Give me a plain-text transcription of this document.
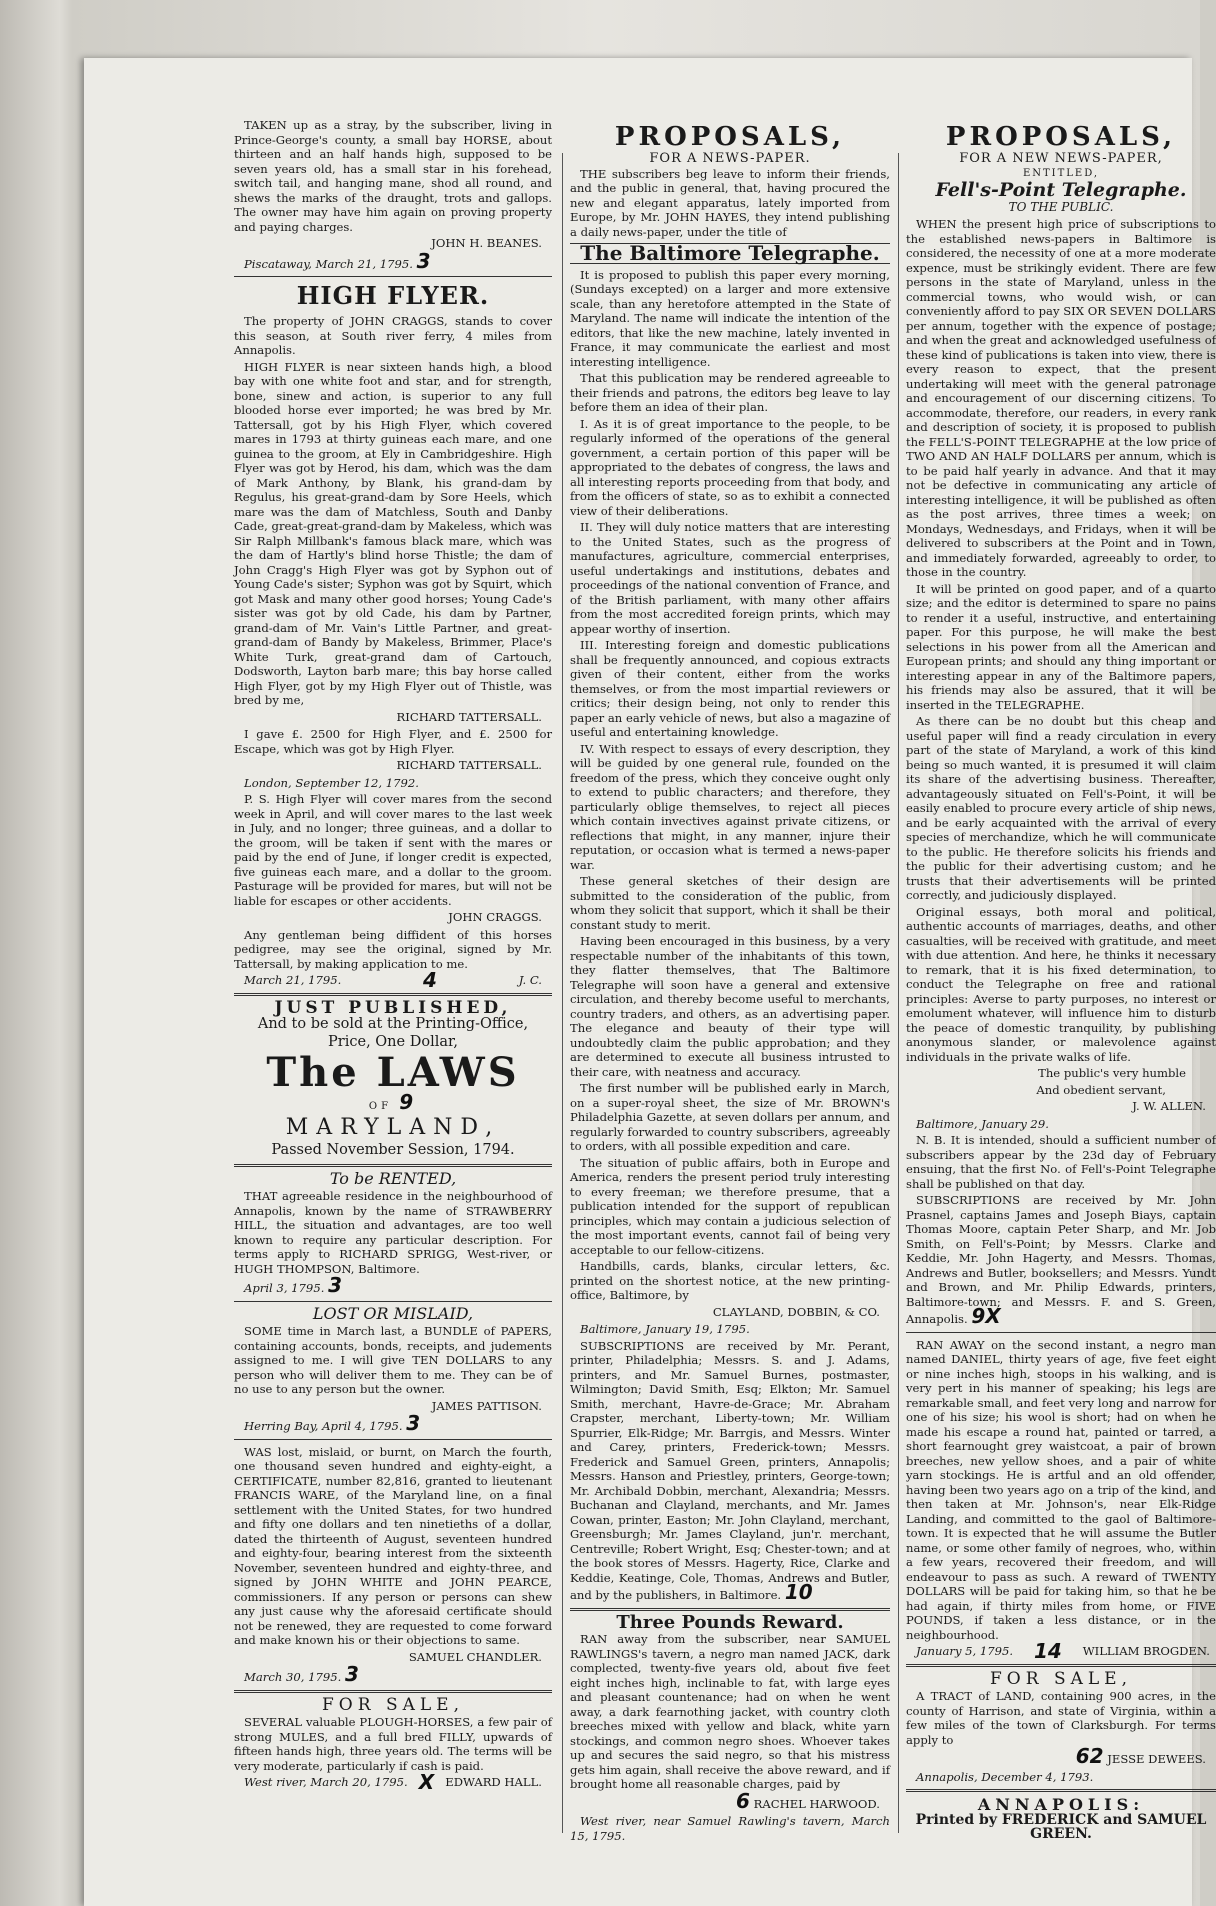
TAKEN up as a stray, by the subscriber, living in Prince-George's county, a small bay HORSE, about thirteen and an half hands high, supposed to be seven years old, has a small star in his forehead, switch tail, and hanging mane, shod all round, and shews the marks of the draught, trots and gallops. The owner may have him again on proving property and paying charges.

JOHN H. BEANES.
Piscataway, March 21, 1795. 3
HIGH FLYER.

The property of JOHN CRAGGS, stands to cover this season, at South river ferry, 4 miles from Annapolis.

HIGH FLYER is near sixteen hands high, a blood bay with one white foot and star, and for strength, bone, sinew and action, is superior to any full blooded horse ever imported; he was bred by Mr. Tattersall, got by his High Flyer, which covered mares in 1793 at thirty guineas each mare, and one guinea to the groom, at Ely in Cambridgeshire. High Flyer was got by Herod, his dam, which was the dam of Mark Anthony, by Blank, his grand-dam by Regulus, his great-grand-dam by Sore Heels, which mare was the dam of Matchless, South and Danby Cade, great-great-grand-dam by Makeless, which was Sir Ralph Millbank's famous black mare, which was the dam of Hartly's blind horse Thistle; the dam of John Cragg's High Flyer was got by Syphon out of Young Cade's sister; Syphon was got by Squirt, which got Mask and many other good horses; Young Cade's sister was got by old Cade, his dam by Partner, grand-dam of Mr. Vain's Little Partner, and great-grand-dam of Bandy by Makeless, Brimmer, Place's White Turk, great-grand dam of Cartouch, Dodsworth, Layton barb mare; this bay horse called High Flyer, got by my High Flyer out of Thistle, was bred by me,

RICHARD TATTERSALL.

I gave £. 2500 for High Flyer, and £. 2500 for Escape, which was got by High Flyer.

RICHARD TATTERSALL.
London, September 12, 1792.

P. S. High Flyer will cover mares from the second week in April, and will cover mares to the last week in July, and no longer; three guineas, and a dollar to the groom, will be taken if sent with the mares or paid by the end of June, if longer credit is expected, five guineas each mare, and a dollar to the groom. Pasturage will be provided for mares, but will not be liable for escapes or other accidents.

JOHN CRAGGS.

Any gentleman being diffident of this horses pedigree, may see the original, signed by Mr. Tattersall, by making application to me.

March 21, 1795.	4	J. C.
JUST PUBLISHED,
And to be sold at the Printing-Office,
Price, One Dollar,
The LAWS
OF 9
MARYLAND,
Passed November Session, 1794.
To be RENTED,

THAT agreeable residence in the neighbourhood of Annapolis, known by the name of STRAWBERRY HILL, the situation and advantages, are too well known to require any particular description. For terms apply to RICHARD SPRIGG, West-river, or HUGH THOMPSON, Baltimore.

April 3, 1795. 3
LOST OR MISLAID,

SOME time in March last, a BUNDLE of PAPERS, containing accounts, bonds, receipts, and judements assigned to me. I will give TEN DOLLARS to any person who will deliver them to me. They can be of no use to any person but the owner.

JAMES PATTISON.
Herring Bay, April 4, 1795. 3

WAS lost, mislaid, or burnt, on March the fourth, one thousand seven hundred and eighty-eight, a CERTIFICATE, number 82,816, granted to lieutenant FRANCIS WARE, of the Maryland line, on a final settlement with the United States, for two hundred and fifty one dollars and ten ninetieths of a dollar, dated the thirteenth of August, seventeen hundred and eighty-four, bearing interest from the sixteenth November, seventeen hundred and eighty-three, and signed by JOHN WHITE and JOHN PEARCE, commissioners. If any person or persons can shew any just cause why the aforesaid certificate should not be renewed, they are requested to come forward and make known his or their objections to same.

SAMUEL CHANDLER.
March 30, 1795. 3
FOR SALE,

SEVERAL valuable PLOUGH-HORSES, a few pair of strong MULES, and a full bred FILLY, upwards of fifteen hands high, three years old. The terms will be very moderate, particularly if cash is paid.

West river, March 20, 1795. X EDWARD HALL.
PROPOSALS,
FOR A NEWS-PAPER.

THE subscribers beg leave to inform their friends, and the public in general, that, having procured the new and elegant apparatus, lately imported from Europe, by Mr. JOHN HAYES, they intend publishing a daily news-paper, under the title of

The Baltimore Telegraphe.

It is proposed to publish this paper every morning, (Sundays excepted) on a larger and more extensive scale, than any heretofore attempted in the State of Maryland. The name will indicate the intention of the editors, that like the new machine, lately invented in France, it may communicate the earliest and most interesting intelligence.

That this publication may be rendered agreeable to their friends and patrons, the editors beg leave to lay before them an idea of their plan.

I. As it is of great importance to the people, to be regularly informed of the operations of the general government, a certain portion of this paper will be appropriated to the debates of congress, the laws and all interesting reports proceeding from that body, and from the officers of state, so as to exhibit a connected view of their deliberations.

II. They will duly notice matters that are interesting to the United States, such as the progress of manufactures, agriculture, commercial enterprises, useful undertakings and institutions, debates and proceedings of the national convention of France, and of the British parliament, with many other affairs from the most accredited foreign prints, which may appear worthy of insertion.

III. Interesting foreign and domestic publications shall be frequently announced, and copious extracts given of their content, either from the works themselves, or from the most impartial reviewers or critics; their design being, not only to render this paper an early vehicle of news, but also a magazine of useful and entertaining knowledge.

IV. With respect to essays of every description, they will be guided by one general rule, founded on the freedom of the press, which they conceive ought only to extend to public characters; and therefore, they particularly oblige themselves, to reject all pieces which contain invectives against private citizens, or reflections that might, in any manner, injure their reputation, or occasion what is termed a news-paper war.

These general sketches of their design are submitted to the consideration of the public, from whom they solicit that support, which it shall be their constant study to merit.

Having been encouraged in this business, by a very respectable number of the inhabitants of this town, they flatter themselves, that The Baltimore Telegraphe will soon have a general and extensive circulation, and thereby become useful to merchants, country traders, and others, as an advertising paper. The elegance and beauty of their type will undoubtedly claim the public approbation; and they are determined to execute all business intrusted to their care, with neatness and accuracy.

The first number will be published early in March, on a super-royal sheet, the size of Mr. BROWN's Philadelphia Gazette, at seven dollars per annum, and regularly forwarded to country subscribers, agreeably to orders, with all possible expedition and care.

The situation of public affairs, both in Europe and America, renders the present period truly interesting to every freeman; we therefore presume, that a publication intended for the support of republican principles, which may contain a judicious selection of the most important events, cannot fail of being very acceptable to our fellow-citizens.

Handbills, cards, blanks, circular letters, &c. printed on the shortest notice, at the new printing-office, Baltimore, by

CLAYLAND, DOBBIN, & CO.
Baltimore, January 19, 1795.

SUBSCRIPTIONS are received by Mr. Perant, printer, Philadelphia; Messrs. S. and J. Adams, printers, and Mr. Samuel Burnes, postmaster, Wilmington; David Smith, Esq; Elkton; Mr. Samuel Smith, merchant, Havre-de-Grace; Mr. Abraham Crapster, merchant, Liberty-town; Mr. William Spurrier, Elk-Ridge; Mr. Barrgis, and Messrs. Winter and Carey, printers, Frederick-town; Messrs. Frederick and Samuel Green, printers, Annapolis; Messrs. Hanson and Priestley, printers, George-town; Mr. Archibald Dobbin, merchant, Alexandria; Messrs. Buchanan and Clayland, merchants, and Mr. James Cowan, printer, Easton; Mr. John Clayland, merchant, Greensburgh; Mr. James Clayland, jun'r. merchant, Centreville; Robert Wright, Esq; Chester-town; and at the book stores of Messrs. Hagerty, Rice, Clarke and Keddie, Keatinge, Cole, Thomas, Andrews and Butler, and by the publishers, in Baltimore. 10

Three Pounds Reward.

RAN away from the subscriber, near SAMUEL RAWLINGS's tavern, a negro man named JACK, dark complected, twenty-five years old, about five feet eight inches high, inclinable to fat, with large eyes and pleasant countenance; had on when he went away, a dark fearnothing jacket, with country cloth breeches mixed with yellow and black, white yarn stockings, and common negro shoes. Whoever takes up and secures the said negro, so that his mistress gets him again, shall receive the above reward, and if brought home all reasonable charges, paid by

6 RACHEL HARWOOD.
West river, near Samuel Rawling's tavern, March 15, 1795.
PROPOSALS,
FOR A NEW NEWS-PAPER,
ENTITLED,
Fell's-Point Telegraphe.
TO THE PUBLIC.

WHEN the present high price of subscriptions to the established news-papers in Baltimore is considered, the necessity of one at a more moderate expence, must be strikingly evident. There are few persons in the state of Maryland, unless in the commercial towns, who would wish, or can conveniently afford to pay SIX OR SEVEN DOLLARS per annum, together with the expence of postage; and when the great and acknowledged usefulness of these kind of publications is taken into view, there is every reason to expect, that the present undertaking will meet with the general patronage and encouragement of our discerning citizens. To accommodate, therefore, our readers, in every rank and description of society, it is proposed to publish the FELL'S-POINT TELEGRAPHE at the low price of TWO AND AN HALF DOLLARS per annum, which is to be paid half yearly in advance. And that it may not be defective in communicating any article of interesting intelligence, it will be published as often as the post arrives, three times a week; on Mondays, Wednesdays, and Fridays, when it will be delivered to subscribers at the Point and in Town, and immediately forwarded, agreeably to order, to those in the country.

It will be printed on good paper, and of a quarto size; and the editor is determined to spare no pains to render it a useful, instructive, and entertaining paper. For this purpose, he will make the best selections in his power from all the American and European prints; and should any thing important or interesting appear in any of the Baltimore papers, his friends may also be assured, that it will be inserted in the TELEGRAPHE.

As there can be no doubt but this cheap and useful paper will find a ready circulation in every part of the state of Maryland, a work of this kind being so much wanted, it is presumed it will claim its share of the advertising business. Thereafter, advantageously situated on Fell's-Point, it will be easily enabled to procure every article of ship news, and be early acquainted with the arrival of every species of merchandize, which he will communicate to the public. He therefore solicits his friends and the public for their advertising custom; and he trusts that their advertisements will be printed correctly, and judiciously displayed.

Original essays, both moral and political, authentic accounts of marriages, deaths, and other casualties, will be received with gratitude, and meet with due attention. And here, he thinks it necessary to remark, that it is his fixed determination, to conduct the Telegraphe on free and rational principles: Averse to party purposes, no interest or emolument whatever, will influence him to disturb the peace of domestic tranquility, by publishing anonymous slander, or malevolence against individuals in the private walks of life.

The public's very humble
And obedient servant,
J. W. ALLEN.
Baltimore, January 29.

N. B. It is intended, should a sufficient number of subscribers appear by the 23d day of February ensuing, that the first No. of Fell's-Point Telegraphe shall be published on that day.

SUBSCRIPTIONS are received by Mr. John Prasnel, captains James and Joseph Biays, captain Thomas Moore, captain Peter Sharp, and Mr. Job Smith, on Fell's-Point; by Messrs. Clarke and Keddie, Mr. John Hagerty, and Messrs. Thomas, Andrews and Butler, booksellers; and Messrs. Yundt and Brown, and Mr. Philip Edwards, printers, Baltimore-town; and Messrs. F. and S. Green, Annapolis. 9X

RAN AWAY on the second instant, a negro man named DANIEL, thirty years of age, five feet eight or nine inches high, stoops in his walking, and is very pert in his manner of speaking; his legs are remarkable small, and feet very long and narrow for one of his size; his wool is short; had on when he made his escape a round hat, painted or tarred, a short fearnought grey waistcoat, a pair of brown breeches, new yellow shoes, and a pair of white yarn stockings. He is artful and an old offender, having been two years ago on a trip of the kind, and then taken at Mr. Johnson's, near Elk-Ridge Landing, and committed to the gaol of Baltimore-town. It is expected that he will assume the Butler name, or some other family of negroes, who, within a few years, recovered their freedom, and will endeavour to pass as such. A reward of TWENTY DOLLARS will be paid for taking him, so that he be had again, if thirty miles from home, or FIVE POUNDS, if taken a less distance, or in the neighbourhood.

January 5, 1795.	14	WILLIAM BROGDEN.
FOR SALE,

A TRACT of LAND, containing 900 acres, in the county of Harrison, and state of Virginia, within a few miles of the town of Clarksburgh. For terms apply to

62 JESSE DEWEES.
Annapolis, December 4, 1793.
ANNAPOLIS:
Printed by FREDERICK and SAMUEL GREEN.
